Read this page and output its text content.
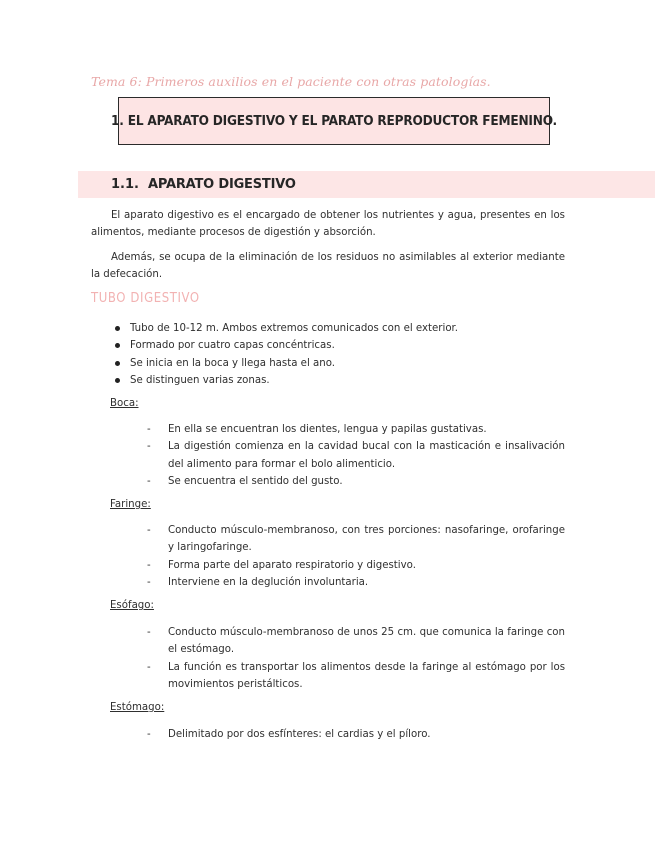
Tema 6: Primeros auxilios en el paciente con otras patologías.
1. EL APARATO DIGESTIVO Y EL PARATO REPRODUCTOR FEMENINO.
1.1. APARATO DIGESTIVO

El aparato digestivo es el encargado de obtener los nutrientes y agua, presentes en los alimentos, mediante procesos de digestión y absorción.

Además, se ocupa de la eliminación de los residuos no asimilables al exterior mediante la defecación.

TUBO DIGESTIVO
Tubo de 10-12 m. Ambos extremos comunicados con el exterior.
Formado por cuatro capas concéntricas.
Se inicia en la boca y llega hasta el ano.
Se distinguen varias zonas.
Boca:
- En ella se encuentran los dientes, lengua y papilas gustativas.
- La digestión comienza en la cavidad bucal con la masticación e insalivación del alimento para formar el bolo alimenticio.
- Se encuentra el sentido del gusto.
Faringe:
- Conducto músculo-membranoso, con tres porciones: nasofaringe, orofaringe y laringofaringe.
- Forma parte del aparato respiratorio y digestivo.
- Interviene en la deglución involuntaria.
Esófago:
- Conducto músculo-membranoso de unos 25 cm. que comunica la faringe con el estómago.
- La función es transportar los alimentos desde la faringe al estómago por los movimientos peristálticos.
Estómago:
- Delimitado por dos esfínteres: el cardias y el píloro.
